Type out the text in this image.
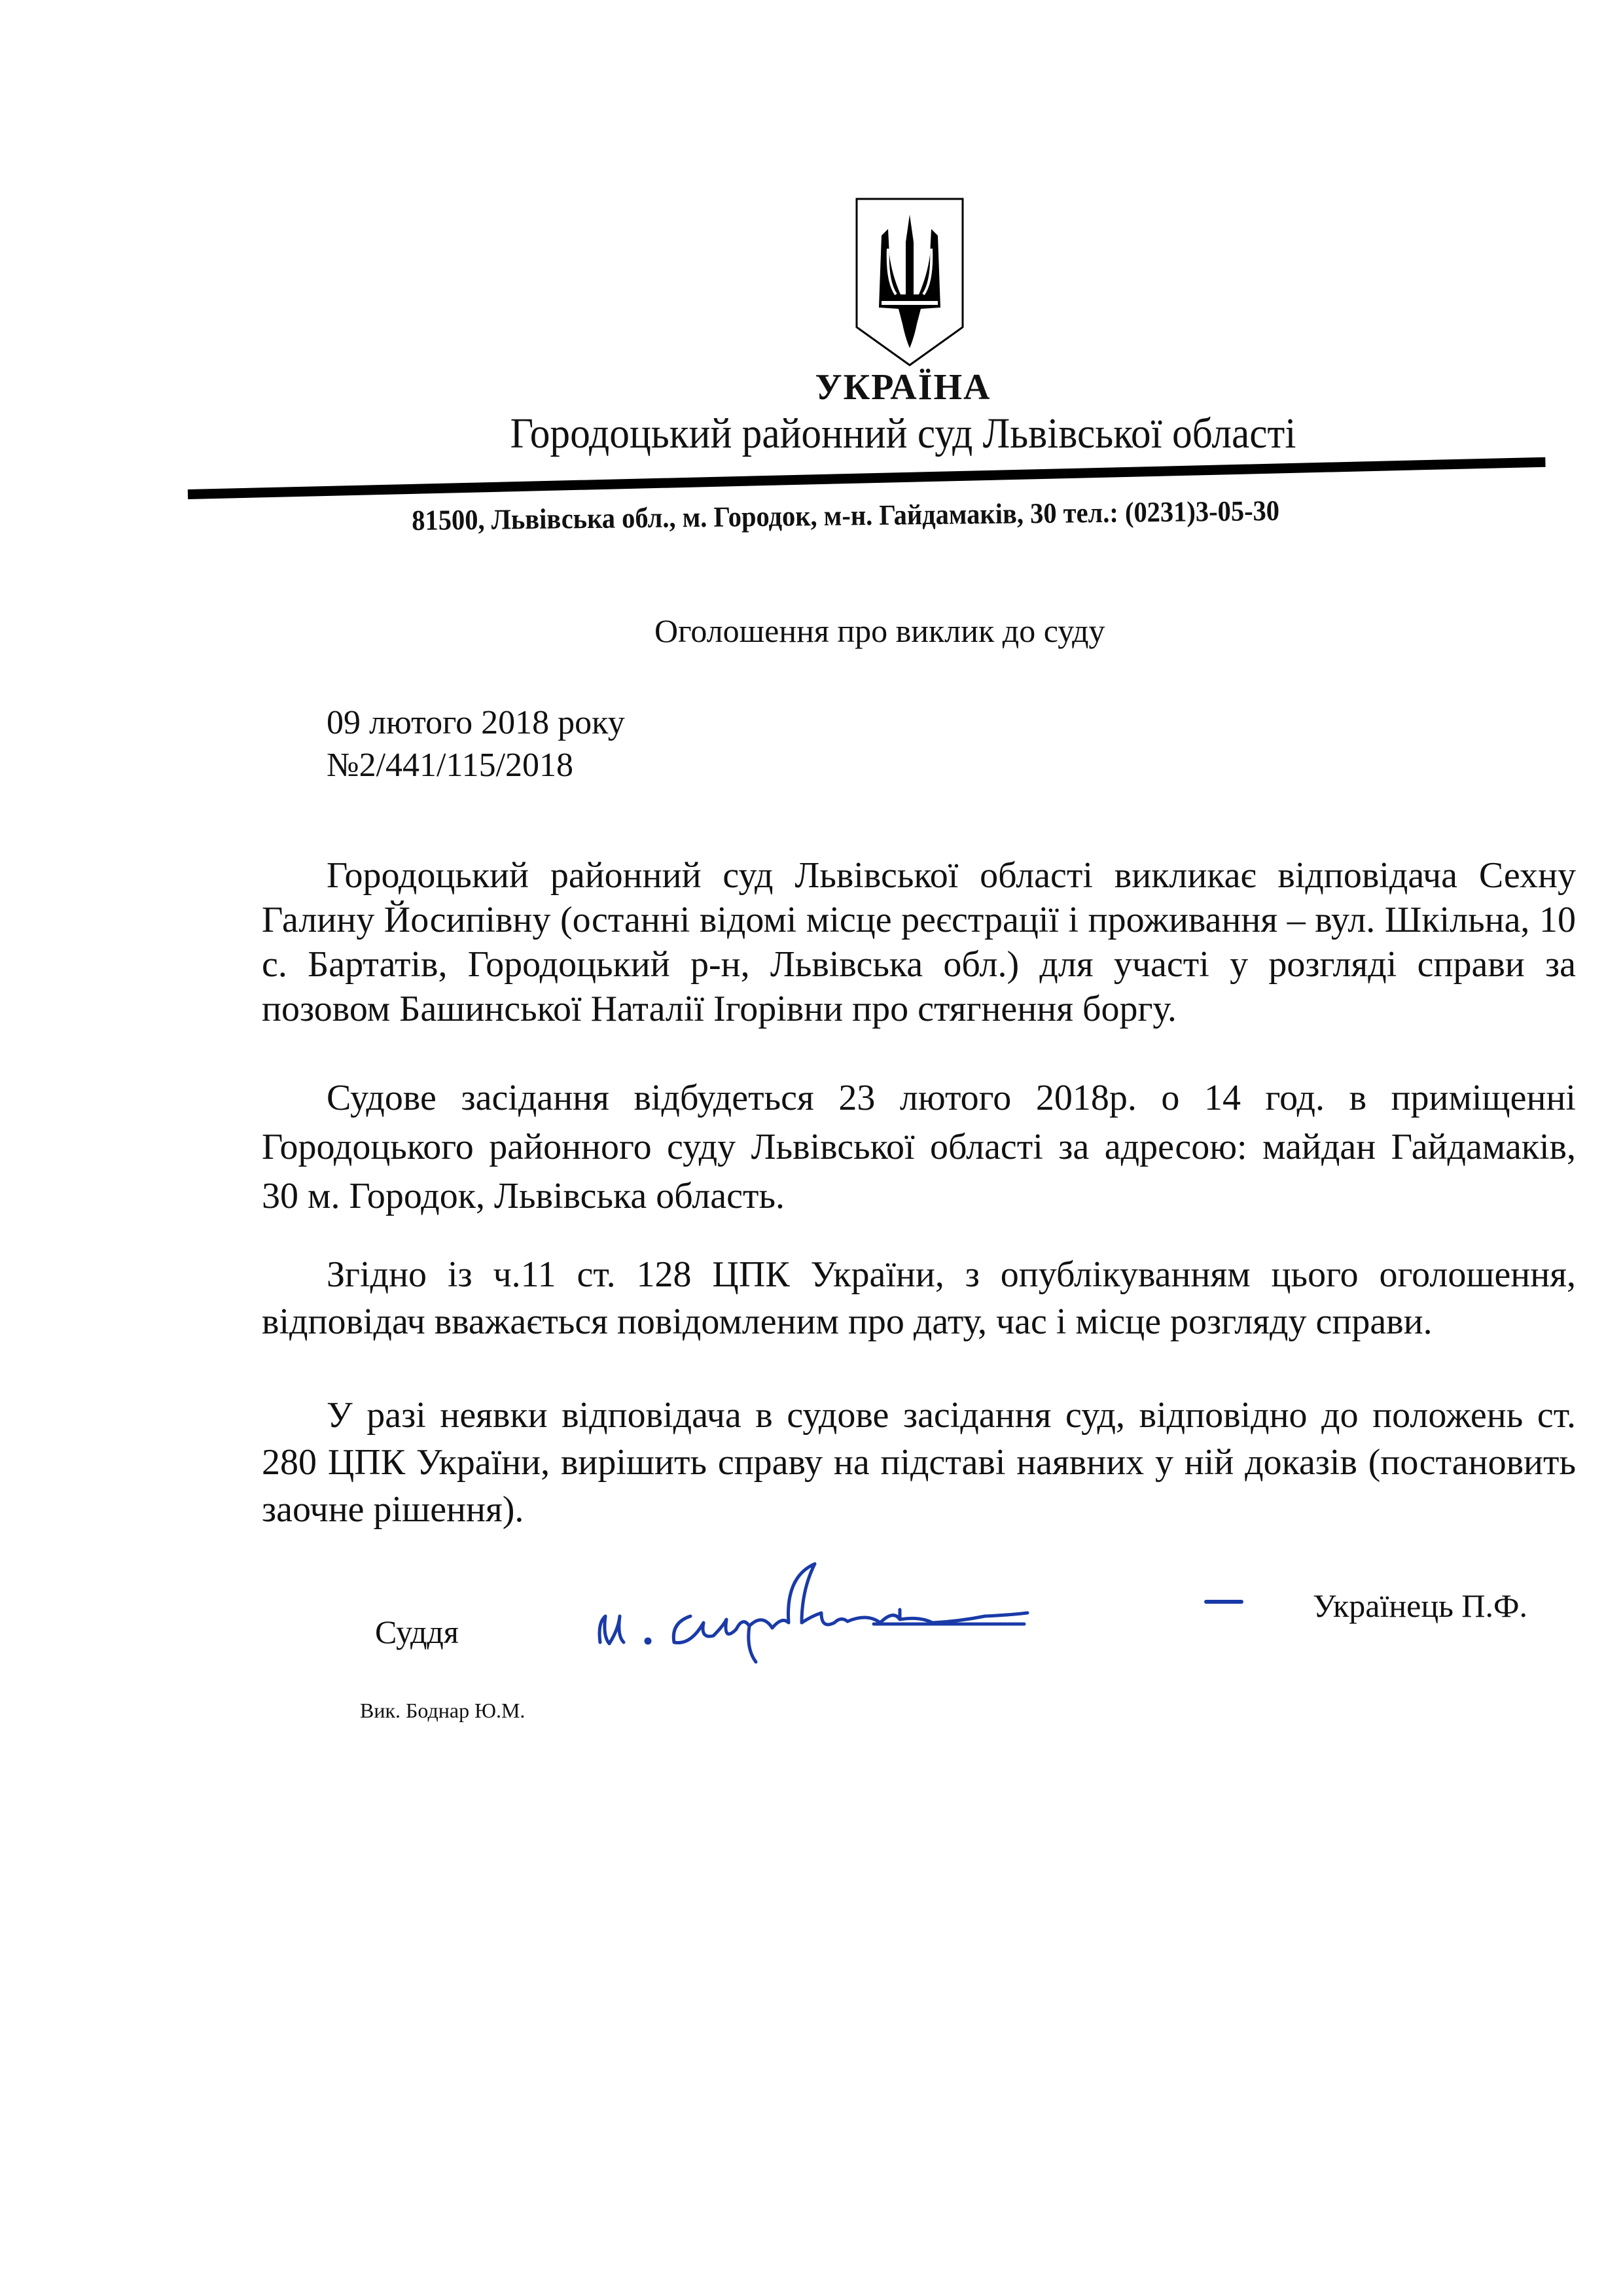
УКРАЇНА
Городоцький районний суд Львівської області
81500, Львівська обл., м. Городок, м-н. Гайдамаків, 30 тел.: (0231)3-05-30
Оголошення про виклик до суду
09 лютого 2018 року
№2/441/115/2018
Городоцький районний суд Львівської області викликає відповідача Сехну
Галину Йосипівну (останні відомі місце реєстрації і проживання – вул. Шкільна, 10
с. Бартатів, Городоцький р-н, Львівська обл.) для участі у розгляді справи за
позовом Башинської Наталії Ігорівни про стягнення боргу.
Судове засідання відбудеться 23 лютого 2018р. о 14 год. в приміщенні
Городоцького районного суду Львівської області за адресою: майдан Гайдамаків,
30 м. Городок, Львівська область.
Згідно із ч.11 ст. 128 ЦПК України, з опублікуванням цього оголошення,
відповідач вважається повідомленим про дату, час і місце розгляду справи.
У разі неявки відповідача в судове засідання суд, відповідно до положень ст.
280 ЦПК України, вирішить справу на підставі наявних у ній доказів (постановить
заочне рішення).
Суддя
Українець П.Ф.
Вик. Боднар Ю.М.
